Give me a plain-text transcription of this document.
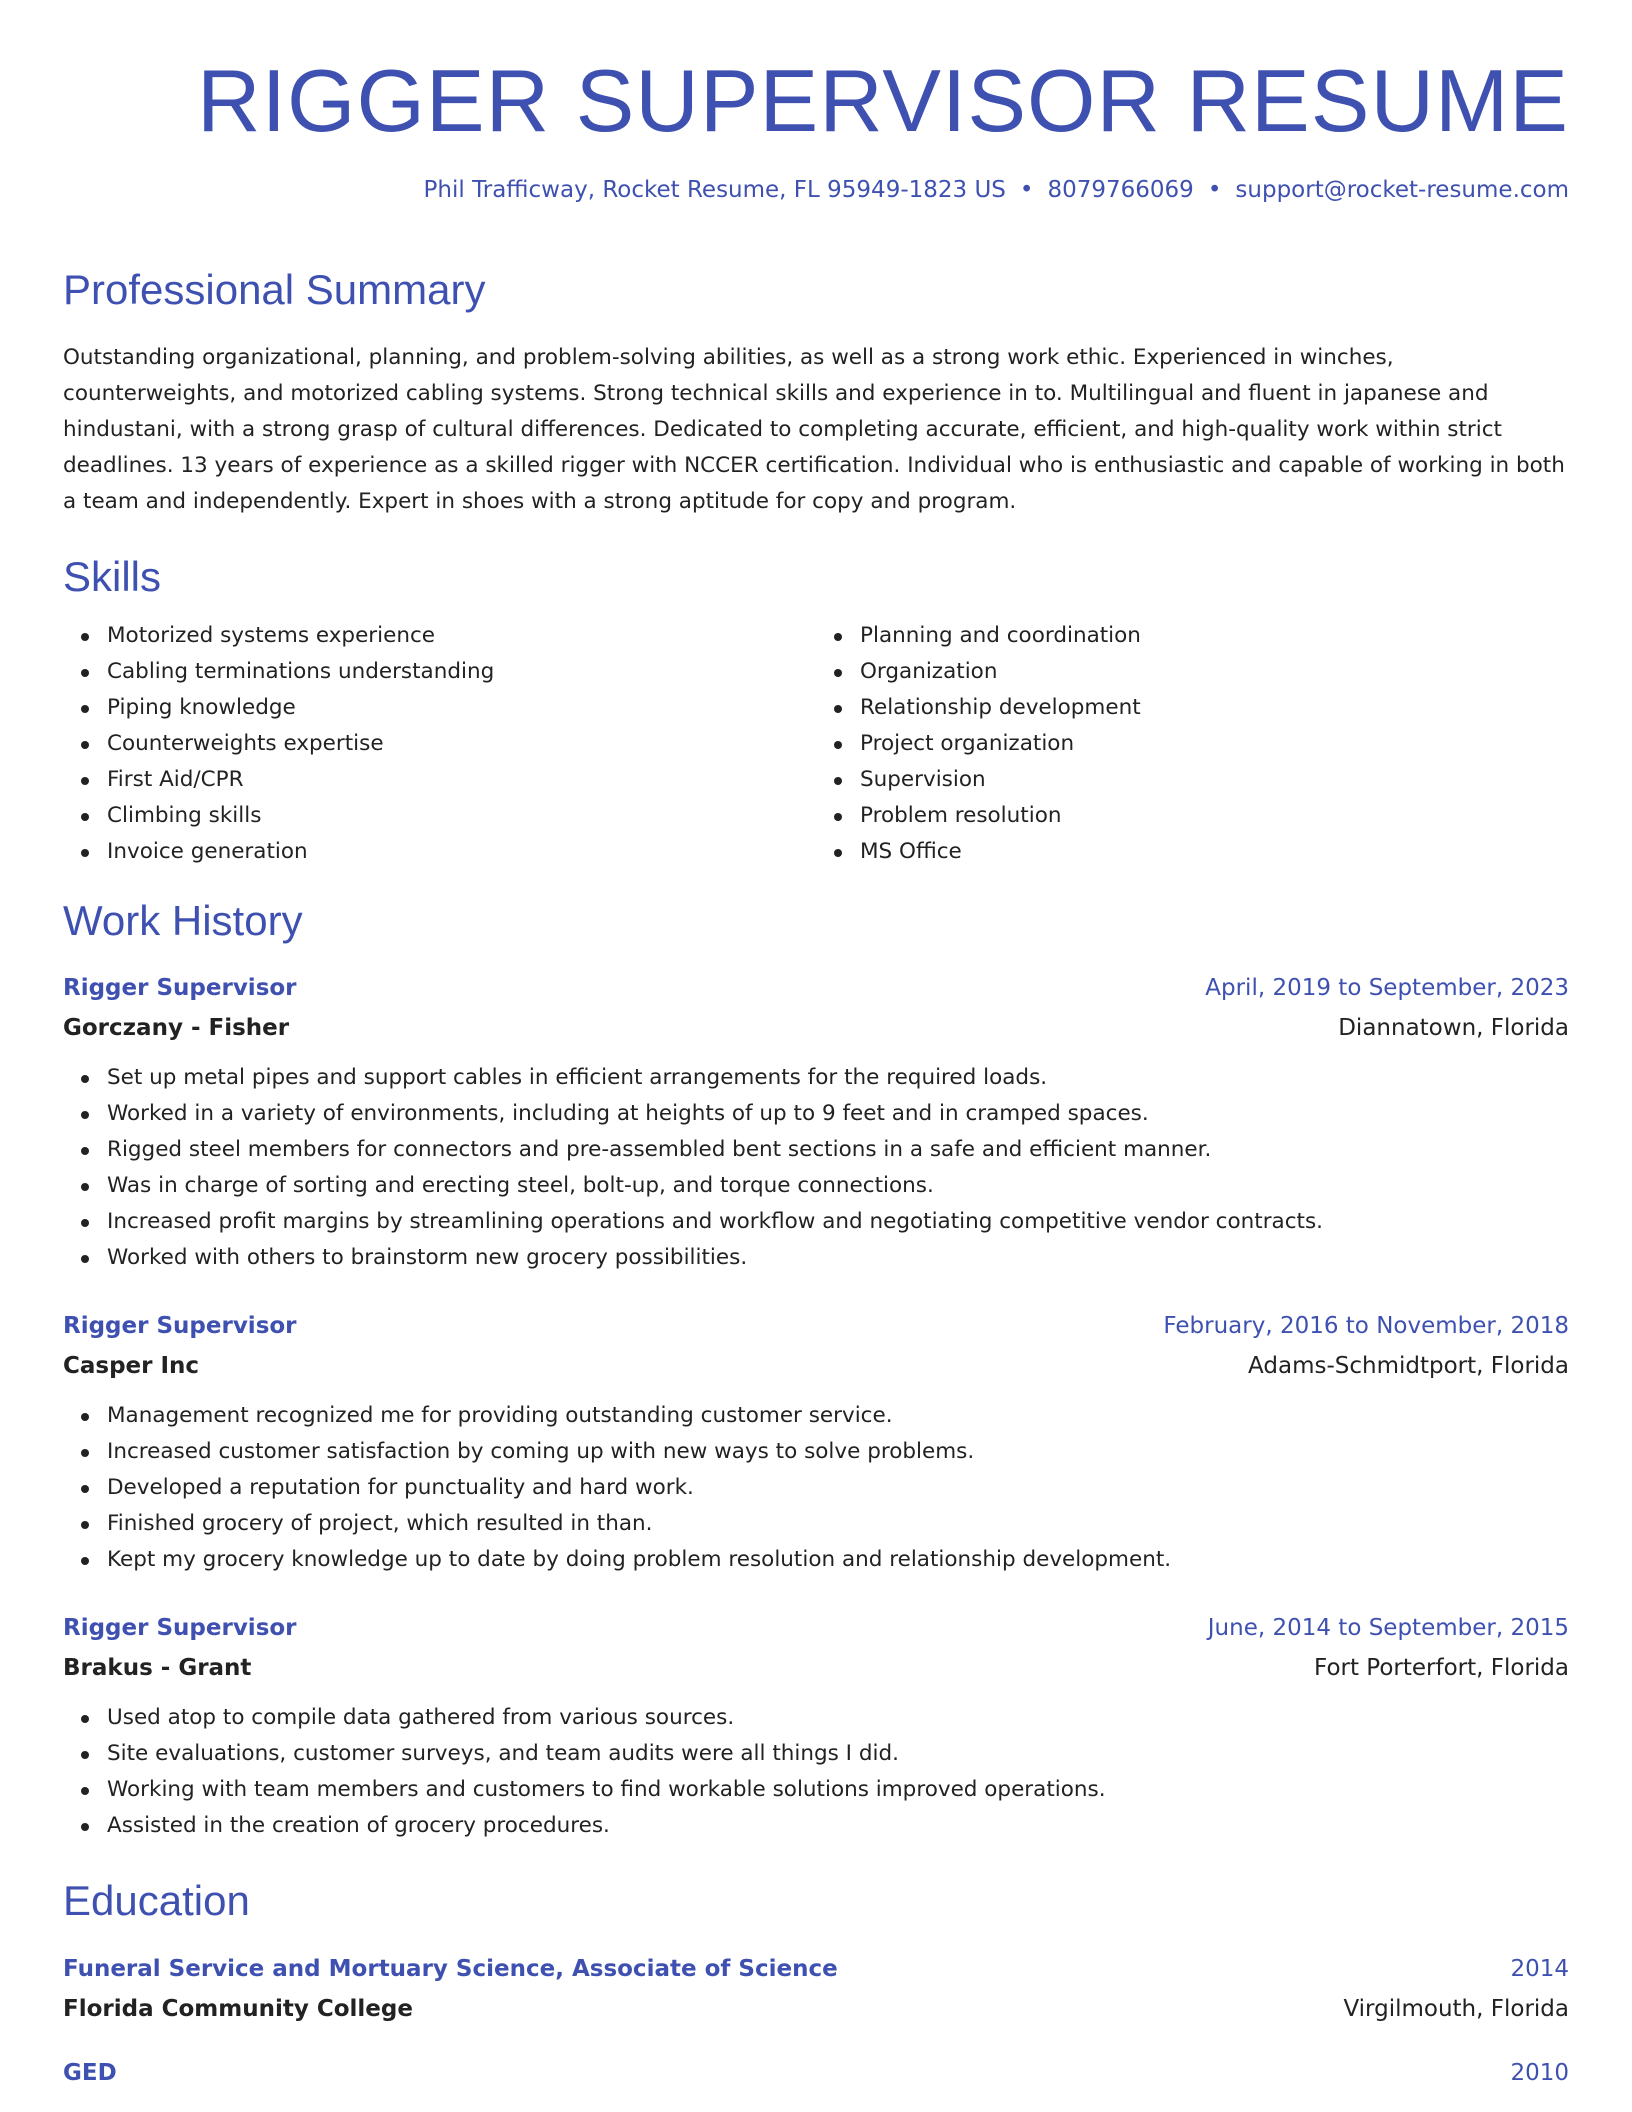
RIGGER SUPERVISOR RESUME
Phil Trafficway, Rocket Resume, FL 95949-1823 US • 8079766069 • support@rocket-resume.com
Professional Summary

Outstanding organizational, planning, and problem-solving abilities, as well as a strong work ethic. Experienced in winches, counterweights, and motorized cabling systems. Strong technical skills and experience in to. Multilingual and fluent in japanese and hindustani, with a strong grasp of cultural differences. Dedicated to completing accurate, efficient, and high-quality work within strict deadlines. 13 years of experience as a skilled rigger with NCCER certification. Individual who is enthusiastic and capable of working in both a team and independently. Expert in shoes with a strong aptitude for copy and program.

Skills
Motorized systems experience
Cabling terminations understanding
Piping knowledge
Counterweights expertise
First Aid/CPR
Climbing skills
Invoice generation
Planning and coordination
Organization
Relationship development
Project organization
Supervision
Problem resolution
MS Office
Work History
Rigger Supervisor	April, 2019 to September, 2023
Gorczany - Fisher	Diannatown, Florida
Set up metal pipes and support cables in efficient arrangements for the required loads.
Worked in a variety of environments, including at heights of up to 9 feet and in cramped spaces.
Rigged steel members for connectors and pre-assembled bent sections in a safe and efficient manner.
Was in charge of sorting and erecting steel, bolt-up, and torque connections.
Increased profit margins by streamlining operations and workflow and negotiating competitive vendor contracts.
Worked with others to brainstorm new grocery possibilities.
Rigger Supervisor	February, 2016 to November, 2018
Casper Inc	Adams-Schmidtport, Florida
Management recognized me for providing outstanding customer service.
Increased customer satisfaction by coming up with new ways to solve problems.
Developed a reputation for punctuality and hard work.
Finished grocery of project, which resulted in than.
Kept my grocery knowledge up to date by doing problem resolution and relationship development.
Rigger Supervisor	June, 2014 to September, 2015
Brakus - Grant	Fort Porterfort, Florida
Used atop to compile data gathered from various sources.
Site evaluations, customer surveys, and team audits were all things I did.
Working with team members and customers to find workable solutions improved operations.
Assisted in the creation of grocery procedures.
Education
Funeral Service and Mortuary Science, Associate of Science	2014
Florida Community College	Virgilmouth, Florida
GED	2010
